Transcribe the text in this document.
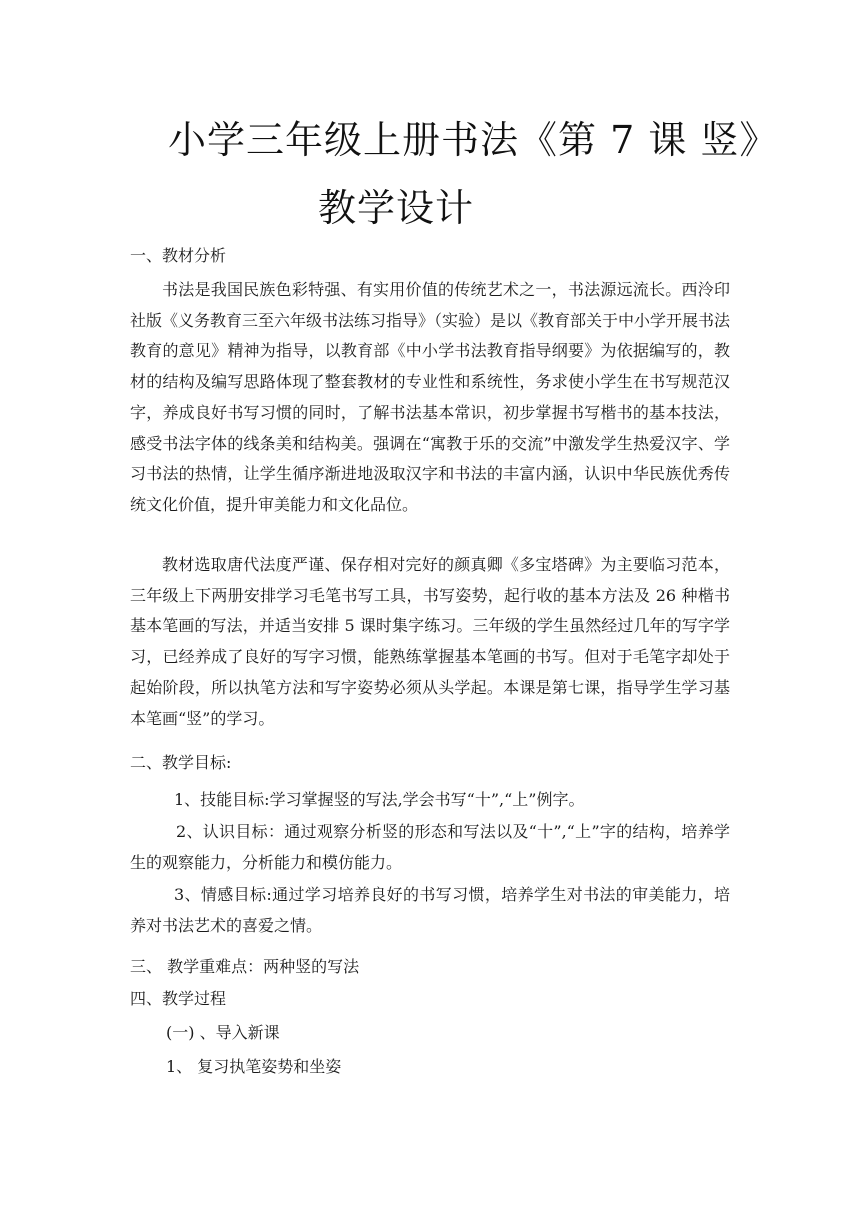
小学三年级上册书法《第 7 课 竖》
教学设计
一、教材分析

书法是我国民族色彩特强、有实用价值的传统艺术之一，书法源远流长。西泠印社版《义务教育三至六年级书法练习指导》（实验）是以《教育部关于中小学开展书法教育的意见》精神为指导，以教育部《中小学书法教育指导纲要》为依据编写的，教材的结构及编写思路体现了整套教材的专业性和系统性，务求使小学生在书写规范汉字，养成良好书写习惯的同时，了解书法基本常识，初步掌握书写楷书的基本技法，感受书法字体的线条美和结构美。强调在“寓教于乐的交流”中激发学生热爱汉字、学习书法的热情，让学生循序渐进地汲取汉字和书法的丰富内涵，认识中华民族优秀传统文化价值，提升审美能力和文化品位。

教材选取唐代法度严谨、保存相对完好的颜真卿《多宝塔碑》为主要临习范本，三年级上下两册安排学习毛笔书写工具，书写姿势，起行收的基本方法及 26 种楷书基本笔画的写法，并适当安排 5 课时集字练习。三年级的学生虽然经过几年的写字学习，已经养成了良好的写字习惯，能熟练掌握基本笔画的书写。但对于毛笔字却处于起始阶段，所以执笔方法和写字姿势必须从头学起。本课是第七课，指导学生学习基本笔画“竖”的学习。

二、教学目标:

1、技能目标:学习掌握竖的写法,学会书写“十”,“上”例字。

2、认识目标：通过观察分析竖的形态和写法以及“十”,“上”字的结构，培养学生的观察能力，分析能力和模仿能力。

3、情感目标:通过学习培养良好的书写习惯，培养学生对书法的审美能力，培养对书法艺术的喜爱之情。

三、 教学重难点：两种竖的写法
四、教学过程
(一) 、导入新课
1、 复习执笔姿势和坐姿
